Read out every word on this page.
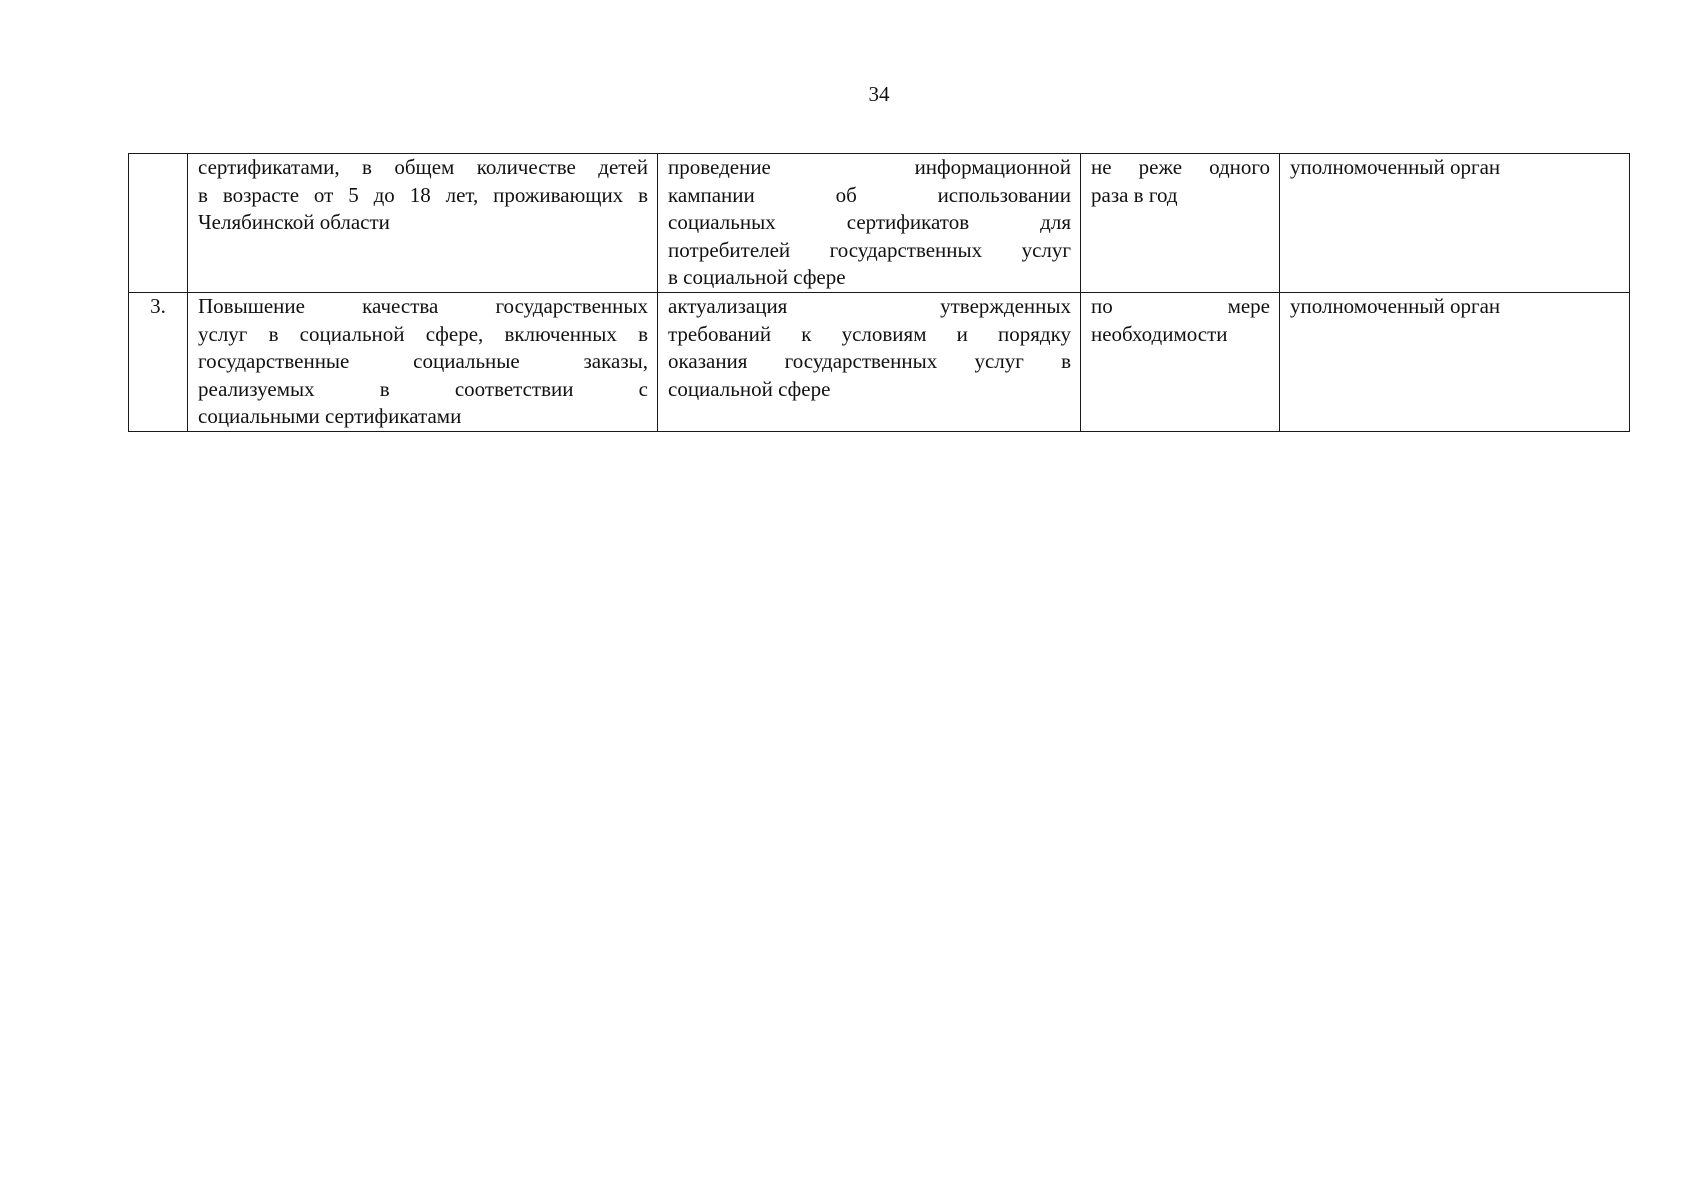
34

	сертификатами, в общем количестве детей
в возрасте от 5 до 18 лет, проживающих в
Челябинской области	проведение информационной
кампании об использовании
социальных сертификатов для
потребителей государственных услуг
в социальной сфере	не реже одного
раза в год	уполномоченный орган

3.	Повышение качества государственных
услуг в социальной сфере, включенных в
государственные социальные заказы,
реализуемых в соответствии с
социальными сертификатами	актуализация утвержденных
требований к условиям и порядку
оказания государственных услуг в
социальной сфере	по мере
необходимости	уполномоченный орган
